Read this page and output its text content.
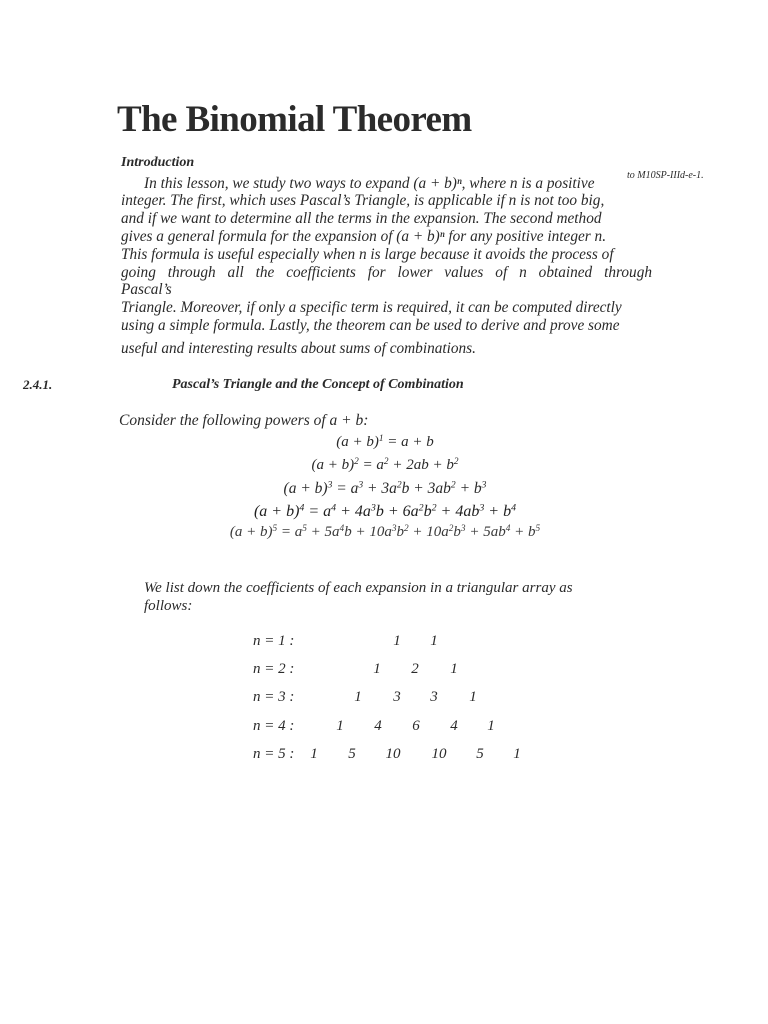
The Binomial Theorem
Introduction
to M10SP-IIId-e-1.
In this lesson, we study two ways to expand (a + b)ⁿ, where n is a positive
integer. The first, which uses Pascal’s Triangle, is applicable if n is not too big,
and if we want to determine all the terms in the expansion. The second method
gives a general formula for the expansion of (a + b)ⁿ for any positive integer n.
This formula is useful especially when n is large because it avoids the process of
going through all the coefficients for lower values of n obtained through
Pascal’s
Triangle. Moreover, if only a specific term is required, it can be computed directly
using a simple formula. Lastly, the theorem can be used to derive and prove some
useful and interesting results about sums of combinations.
2.4.1.	Pascal’s Triangle and the Concept of Combination
Consider the following powers of a + b:
$(a + b)^1 = a + b$
$(a + b)^2 = a^2 + 2ab + b^2$
$(a + b)^3 = a^3 + 3a^2b + 3ab^2 + b^3$
$(a + b)^4 = a^4 + 4a^3b + 6a^2b^2 + 4ab^3 + b^4$
$(a + b)^5 = a^5 + 5a^4b + 10a^3b^2 + 10a^2b^3 + 5ab^4 + b^5$
We list down the coefficients of each expansion in a triangular array as
follows:
n = 1 :	1 1
n = 2 :	1 2 1
n = 3 :	1 3 3 1
n = 4 :	1 4 6 4 1
n = 5 : 1 5 10 10 5 1
